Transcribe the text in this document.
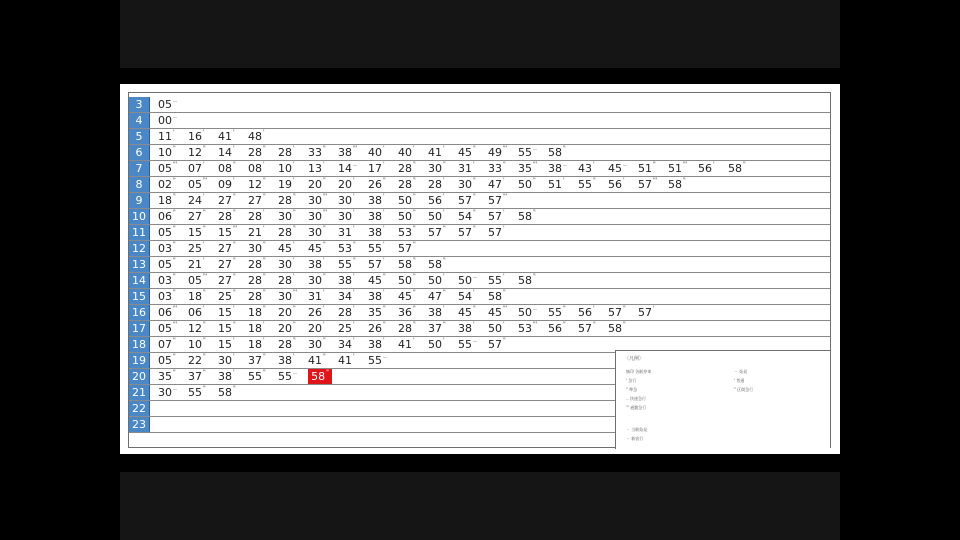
3	05‥
4	00‥
5	11'	16'	41'	48'
6	10"	12"	14'	28"	28'	33"	38"' 40'	40'	41'	45"	49"' 55‥ 58"
7	05"' 07'	08"	08'	10'	13'	14‥ 17'	28"	30"	31'	33"	35"' 38‥ 43'	45‥ 51"	51"' 56'	58"
8	02"	05"' 09'	12"	19'	20"	20'	26"	28"	28'	30"	47'	50"	51'	55"	56'	57"' 58"
9	18"	24'	27"	27"	28"	30"' 30'	38'	50"	56'	57"	57"'
10	06"	27"	28"	28'	30"	30"' 30'	38'	50"	50'	54"	57'	58"
11	05"	15"	15"' 21'	28"	30"	31'	38'	53"	57"	57"	57'
12	03"	25'	27"	30"	45'	45"	53"	55'	57"
13	05"	21'	27"	28"	30'	38'	55"	57'	58"	58"
14	03"	05"' 27"	28"	28'	30"	38'	45"	50"	50'	50‥ 55'	58"
15	03"	18"	25"	28"	30"' 31'	34'	38'	45"	47"	54'	58"
16	06"' 06'	15'	18"	20"	26'	28'	35"	36"	38'	45"	45"' 50‥ 55"	56'	57"	57'
17	05"' 12"	15"	18'	20"	20'	25'	26"	28"	37"	38'	50'	53"' 56"	57"	58"
18	07"	10"	15'	18'	28"	30"	34'	38'	41'	50'	55‥ 57"
19	05"	22"	30'	37"	38'	41"	41'	55‥
20	35"	37"	38'	55"	55‥	58"
21	30‥ 55"	58"
22
23
〈凡例〉
無印 各駅停車
' 急行
" 準急
‥ 快速急行
"' 通勤急行
・ 始発
' 普通
" 区間急行
・ 当駅始発
・ 新宿行
